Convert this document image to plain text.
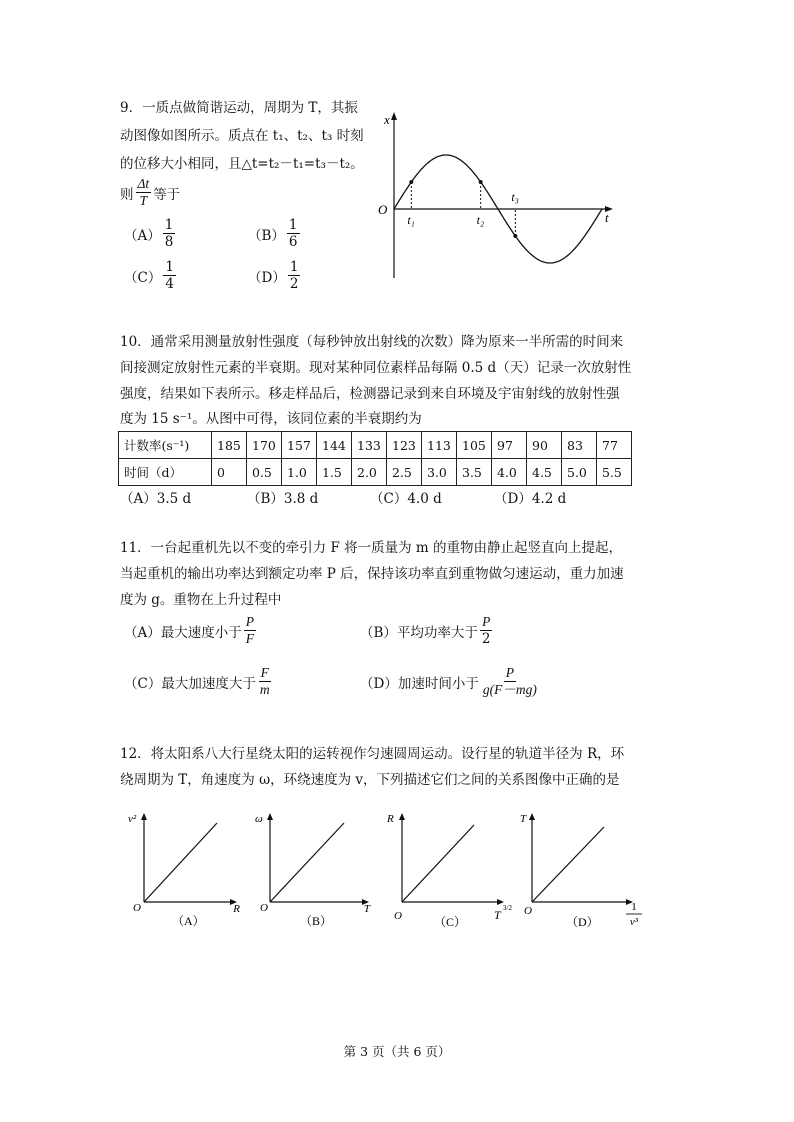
9．一质点做简谐运动，周期为 T，其振
动图像如图所示。质点在 t₁、t₂、t₃ 时刻
的位移大小相同，且△t=t₂－t₁=t₃－t₂。
则 $\frac{\Delta t}{T}$ 等于
$(A) \frac{1}{8}$	$(B) \frac{1}{6}$
$(C) \frac{1}{4}$	$(D) \frac{1}{2}$
x
O
t
t₁	t₂
t₃
10．通常采用测量放射性强度（每秒钟放出射线的次数）降为原来一半所需的时间来
间接测定放射性元素的半衰期。现对某种同位素样品每隔 0.5 d（天）记录一次放射性
强度，结果如下表所示。移走样品后，检测器记录到来自环境及宇宙射线的放射性强
度为 15 s⁻¹。从图中可得，该同位素的半衰期约为
计数率(s⁻¹)	185	170	157	144	133	123	113	105	97	90	83	77
时间（d）	0	0.5	1.0	1.5	2.0	2.5	3.0	3.5	4.0	4.5	5.0	5.5
（A）3.5 d	（B）3.8 d	（C）4.0 d	（D）4.2 d
11．一台起重机先以不变的牵引力 F 将一质量为 m 的重物由静止起竖直向上提起，
当起重机的输出功率达到额定功率 P 后，保持该功率直到重物做匀速运动，重力加速
度为 g。重物在上升过程中
（A）最大速度小于 $\frac{P}{F}$	（B）平均功率大于 $\frac{P}{2}$
（C）最大加速度大于 $\frac{F}{m}$	（D）加速时间小于 $\frac{P}{g(F-mg)}$
12．将太阳系八大行星绕太阳的运转视作匀速圆周运动。设行星的轨道半径为 R，环
绕周期为 T，角速度为 ω，环绕速度为 v，下列描述它们之间的关系图像中正确的是
v²
O	R
（A）
ω
O	T
（B）
R
O	T 3/2
（C）
T
O	1
v³
（D）
第 3 页（共 6 页）
